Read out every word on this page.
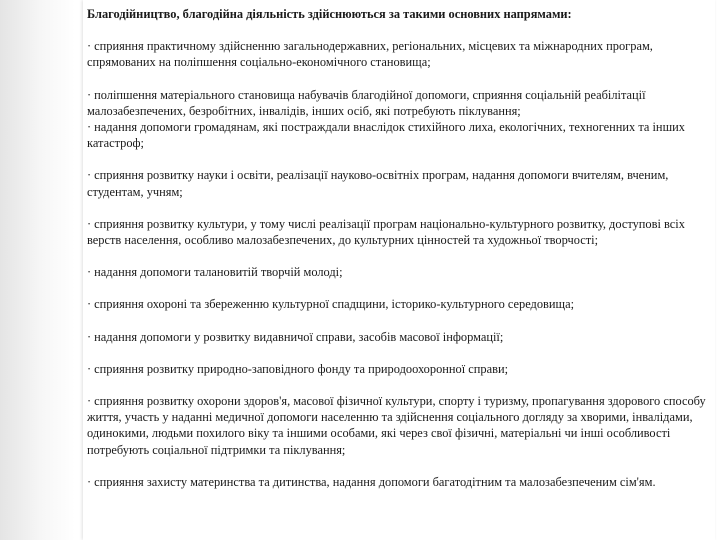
Благодійництво, благодійна діяльність здійснюються за такими основних напрямами:
· сприяння практичному здійсненню загальнодержавних, регіональних, місцевих та міжнародних програм, спрямованих на поліпшення соціально-економічного становища;
· поліпшення матеріального становища набувачів благодійної допомоги, сприяння соціальній реабілітації малозабезпечених, безробітних, інвалідів, інших осіб, які потребують піклування;
· надання допомоги громадянам, які постраждали внаслідок стихійного лиха, екологічних, техногенних та інших катастроф;
· сприяння розвитку науки і освіти, реалізації науково-освітніх програм, надання допомоги вчителям, вченим, студентам, учням;
· сприяння розвитку культури, у тому числі реалізації програм національно-культурного розвитку, доступові всіх верств населення, особливо малозабезпечених, до культурних цінностей та художньої творчості;
· надання допомоги талановитій творчій молоді;
· сприяння охороні та збереженню культурної спадщини, історико-культурного середовища;
· надання допомоги у розвитку видавничої справи, засобів масової інформації;
· сприяння розвитку природно-заповідного фонду та природоохоронної справи;
· сприяння розвитку охорони здоров'я, масової фізичної культури, спорту і туризму, пропагування здорового способу життя, участь у наданні медичної допомоги населенню та здійснення соціального догляду за хворими, інвалідами, одинокими, людьми похилого віку та іншими особами, які через свої фізичні, матеріальні чи інші особливості потребують соціальної підтримки та піклування;
· сприяння захисту материнства та дитинства, надання допомоги багатодітним та малозабезпеченим сім'ям.
